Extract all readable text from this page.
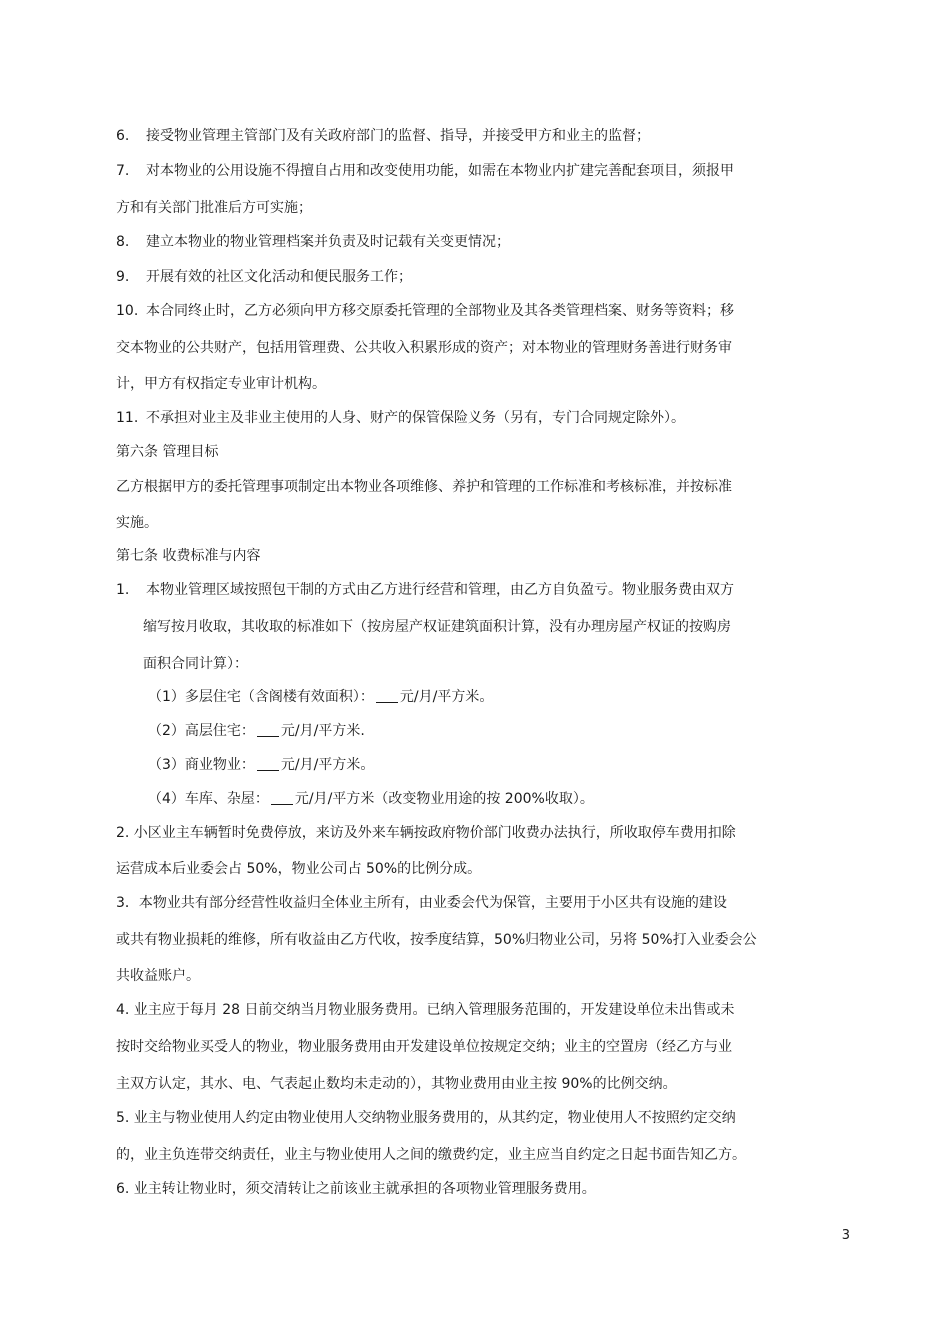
6. 接受物业管理主管部门及有关政府部门的监督、指导，并接受甲方和业主的监督；
7. 对本物业的公用设施不得擅自占用和改变使用功能，如需在本物业内扩建完善配套项目，须报甲
方和有关部门批准后方可实施；
8. 建立本物业的物业管理档案并负责及时记载有关变更情况；
9. 开展有效的社区文化活动和便民服务工作；
10. 本合同终止时，乙方必须向甲方移交原委托管理的全部物业及其各类管理档案、财务等资料；移
交本物业的公共财产，包括用管理费、公共收入积累形成的资产；对本物业的管理财务善进行财务审
计，甲方有权指定专业审计机构。
11. 不承担对业主及非业主使用的人身、财产的保管保险义务（另有，专门合同规定除外）。
第六条 管理目标
乙方根据甲方的委托管理事项制定出本物业各项维修、养护和管理的工作标准和考核标准，并按标准
实施。
第七条 收费标准与内容
1. 本物业管理区域按照包干制的方式由乙方进行经营和管理，由乙方自负盈亏。物业服务费由双方
缩写按月收取，其收取的标准如下（按房屋产权证建筑面积计算，没有办理房屋产权证的按购房
面积合同计算）：
（1）多层住宅（含阁楼有效面积）： 元/月/平方米。
（2）高层住宅： 元/月/平方米.
（3）商业物业： 元/月/平方米。
（4）车库、杂屋： 元/月/平方米（改变物业用途的按 200%收取）。
2. 小区业主车辆暂时免费停放，来访及外来车辆按政府物价部门收费办法执行，所收取停车费用扣除
运营成本后业委会占 50%，物业公司占 50%的比例分成。
3．本物业共有部分经营性收益归全体业主所有，由业委会代为保管，主要用于小区共有设施的建设
或共有物业损耗的维修，所有收益由乙方代收，按季度结算，50%归物业公司，另将 50%打入业委会公
共收益账户。
4. 业主应于每月 28 日前交纳当月物业服务费用。已纳入管理服务范围的，开发建设单位未出售或未
按时交给物业买受人的物业，物业服务费用由开发建设单位按规定交纳；业主的空置房（经乙方与业
主双方认定，其水、电、气表起止数均未走动的），其物业费用由业主按 90%的比例交纳。
5. 业主与物业使用人约定由物业使用人交纳物业服务费用的，从其约定，物业使用人不按照约定交纳
的，业主负连带交纳责任，业主与物业使用人之间的缴费约定，业主应当自约定之日起书面告知乙方。
6. 业主转让物业时，须交清转让之前该业主就承担的各项物业管理服务费用。
3
